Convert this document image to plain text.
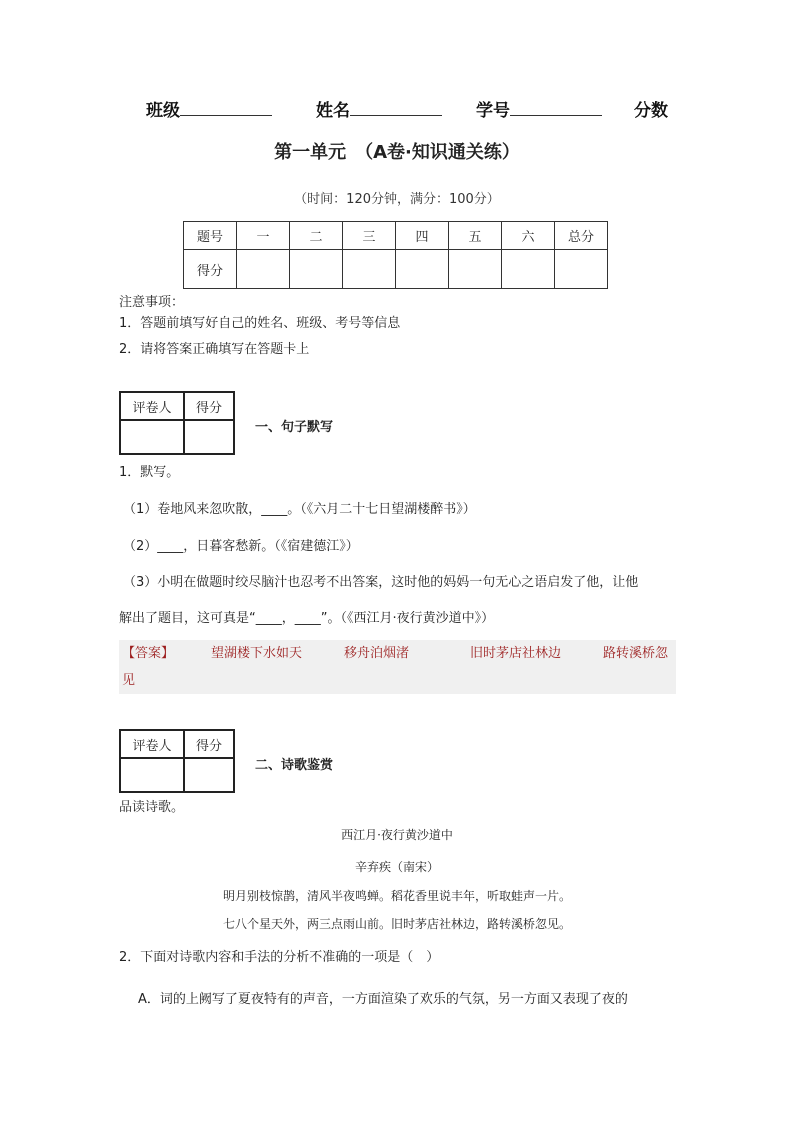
班级	姓名	学号	分数
第一单元　（A卷·知识通关练）
（时间：120分钟，满分：100分）
题号	一	二	三	四	五	六	总分
得分							
注意事项：
1．答题前填写好自己的姓名、班级、考号等信息
2．请将答案正确填写在答题卡上
评卷人	得分

一、句子默写
1．默写。
（1）卷地风来忽吹散，____。（《六月二十七日望湖楼醉书》）
（2）____，日暮客愁新。（《宿建德江》）
（3）小明在做题时绞尽脑汁也忍考不出答案，这时他的妈妈一句无心之语启发了他，让他
解出了题目，这可真是“____，____”。（《西江月·夜行黄沙道中》）
【答案】	望湖楼下水如天	移舟泊烟渚	旧时茅店社林边	路转溪桥忽
见
评卷人	得分

二、诗歌鉴赏
品读诗歌。
西江月·夜行黄沙道中
辛弃疾（南宋）
明月别枝惊鹊，清风半夜鸣蝉。稻花香里说丰年，听取蛙声一片。
七八个星天外，两三点雨山前。旧时茅店社林边，路转溪桥忽见。
2．下面对诗歌内容和手法的分析不准确的一项是（　）
A．词的上阙写了夏夜特有的声音，一方面渲染了欢乐的气氛，另一方面又表现了夜的
